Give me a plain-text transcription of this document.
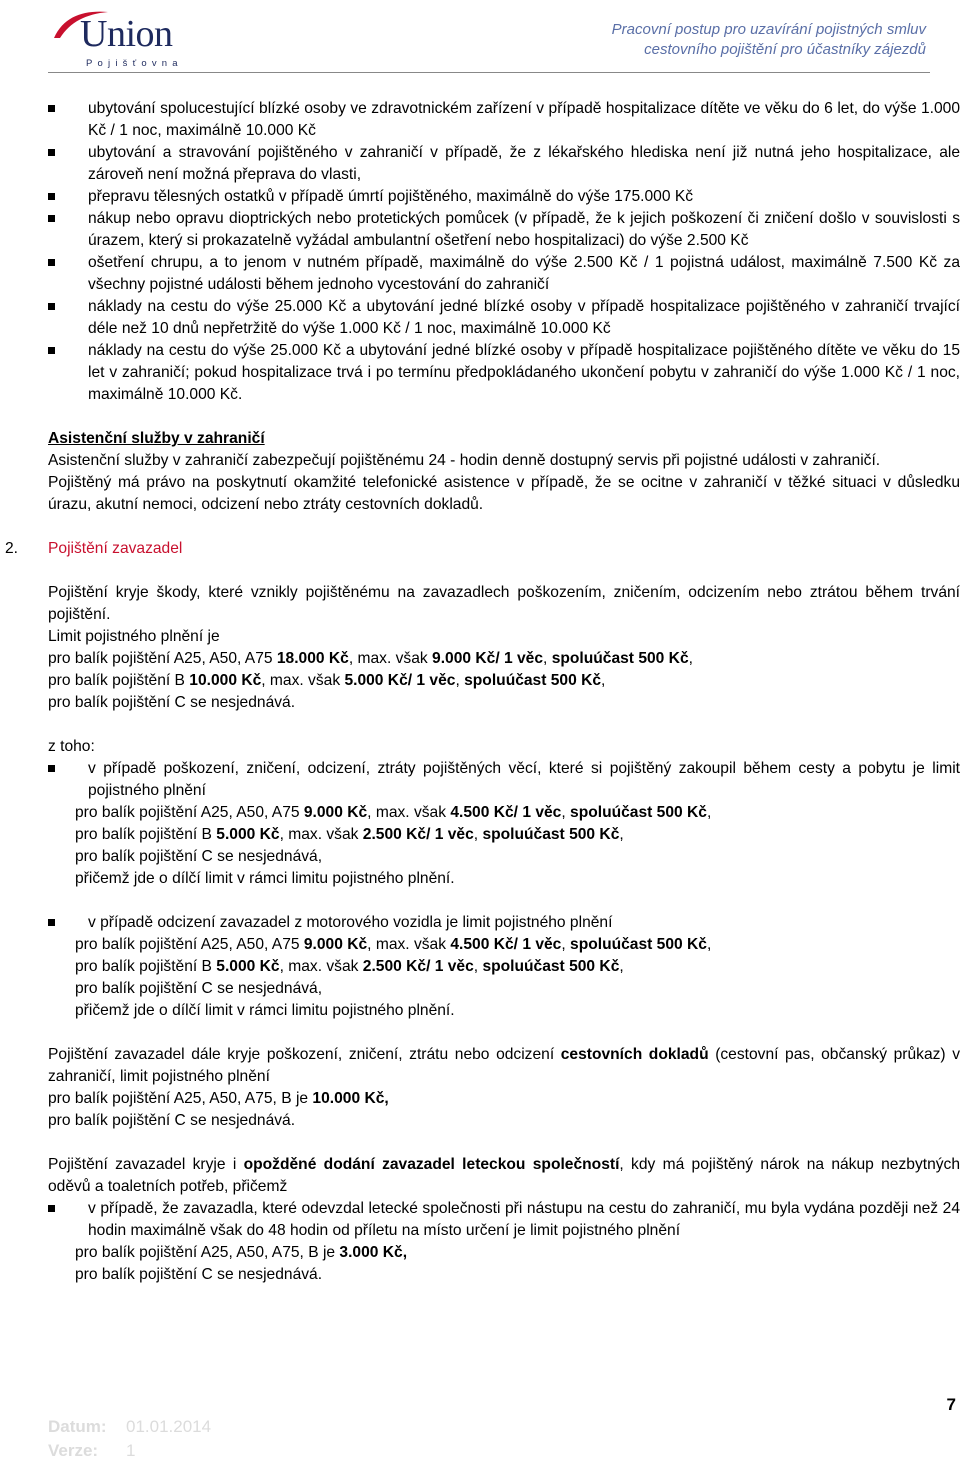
Union
Pojišťovna
Pracovní postup pro uzavírání pojistných smluv
cestovního pojištění pro účastníky zájezdů
ubytování spolucestující blízké osoby ve zdravotnickém zařízení v případě hospitalizace dítěte ve věku do 6 let, do výše 1.000 Kč / 1 noc, maximálně 10.000 Kč
ubytování a stravování pojištěného v zahraničí v případě, že z lékařského hlediska není již nutná jeho hospitalizace, ale zároveň není možná přeprava do vlasti,
přepravu tělesných ostatků v případě úmrtí pojištěného, maximálně do výše 175.000 Kč
nákup nebo opravu dioptrických nebo protetických pomůcek (v případě, že k jejich poškození či zničení došlo v souvislosti s úrazem, který si prokazatelně vyžádal ambulantní ošetření nebo hospitalizaci) do výše 2.500 Kč
ošetření chrupu, a to jenom v nutném případě, maximálně do výše 2.500 Kč / 1 pojistná událost, maximálně 7.500 Kč za všechny pojistné události během jednoho vycestování do zahraničí
náklady na cestu do výše 25.000 Kč a ubytování jedné blízké osoby v případě hospitalizace pojištěného v zahraničí trvající déle než 10 dnů nepřetržitě do výše 1.000 Kč / 1 noc, maximálně 10.000 Kč
náklady na cestu do výše 25.000 Kč a ubytování jedné blízké osoby v případě hospitalizace pojištěného dítěte ve věku do 15 let v zahraničí; pokud hospitalizace trvá i po termínu předpokládaného ukončení pobytu v zahraničí do výše 1.000 Kč / 1 noc, maximálně 10.000 Kč.

Asistenční služby v zahraničí

Asistenční služby v zahraničí zabezpečují pojištěnému 24 - hodin denně dostupný servis při pojistné události v zahraničí.

Pojištěný má právo na poskytnutí okamžité telefonické asistence v případě, že se ocitne v zahraničí v těžké situaci v důsledku úrazu, akutní nemoci, odcizení nebo ztráty cestovních dokladů.

2. Pojištění zavazadel

Pojištění kryje škody, které vznikly pojištěnému na zavazadlech poškozením, zničením, odcizením nebo ztrátou během trvání pojištění.

Limit pojistného plnění je

pro balík pojištění A25, A50, A75 18.000 Kč, max. však 9.000 Kč/ 1 věc, spoluúčast 500 Kč,

pro balík pojištění B 10.000 Kč, max. však 5.000 Kč/ 1 věc, spoluúčast 500 Kč,

pro balík pojištění C se nesjednává.

z toho:

v případě poškození, zničení, odcizení, ztráty pojištěných věcí, které si pojištěný zakoupil během cesty a pobytu je limit pojistného plnění
pro balík pojištění A25, A50, A75 9.000 Kč, max. však 4.500 Kč/ 1 věc, spoluúčast 500 Kč,
pro balík pojištění B 5.000 Kč, max. však 2.500 Kč/ 1 věc, spoluúčast 500 Kč,
pro balík pojištění C se nesjednává,
přičemž jde o dílčí limit v rámci limitu pojistného plnění.
v případě odcizení zavazadel z motorového vozidla je limit pojistného plnění
pro balík pojištění A25, A50, A75 9.000 Kč, max. však 4.500 Kč/ 1 věc, spoluúčast 500 Kč,
pro balík pojištění B 5.000 Kč, max. však 2.500 Kč/ 1 věc, spoluúčast 500 Kč,
pro balík pojištění C se nesjednává,
přičemž jde o dílčí limit v rámci limitu pojistného plnění.

Pojištění zavazadel dále kryje poškození, zničení, ztrátu nebo odcizení cestovních dokladů (cestovní pas, občanský průkaz) v zahraničí, limit pojistného plnění

pro balík pojištění A25, A50, A75, B je 10.000 Kč,

pro balík pojištění C se nesjednává.

Pojištění zavazadel kryje i opožděné dodání zavazadel leteckou společností, kdy má pojištěný nárok na nákup nezbytných oděvů a toaletních potřeb, přičemž

v případě, že zavazadla, které odevzdal letecké společnosti při nástupu na cestu do zahraničí, mu byla vydána později než 24 hodin maximálně však do 48 hodin od příletu na místo určení je limit pojistného plnění
pro balík pojištění A25, A50, A75, B je 3.000 Kč,
pro balík pojištění C se nesjednává.
Datum: 01.01.2014
Verze: 1
7
